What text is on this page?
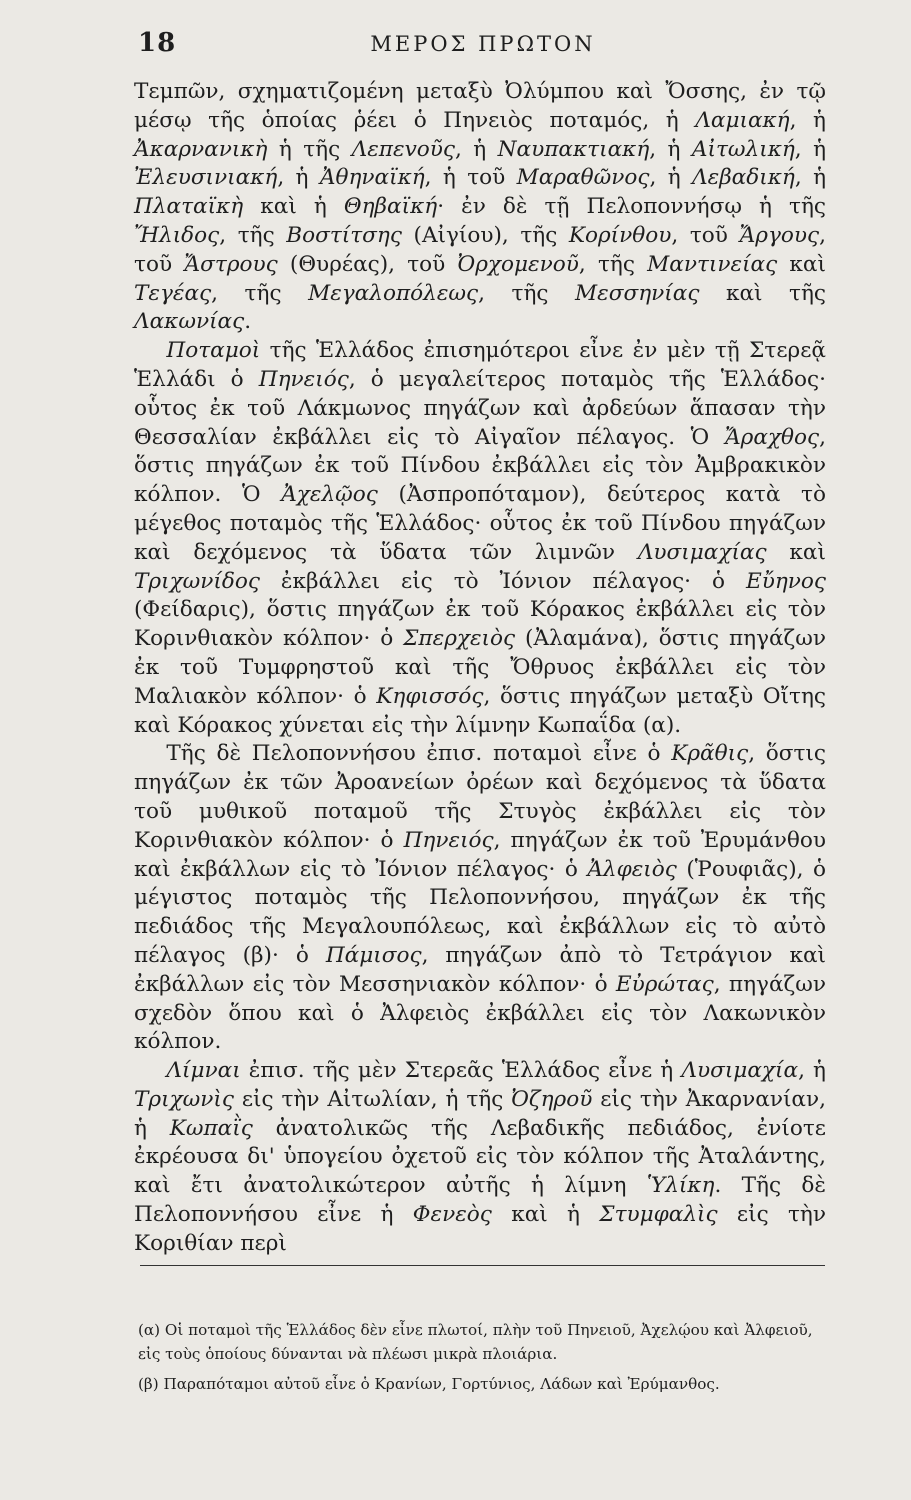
18	ΜΕΡΟΣ ΠΡΩΤΟΝ

Τεμπῶν, σχηματιζομένη μεταξὺ Ὀλύμπου καὶ Ὄσσης, ἐν τῷ μέσῳ τῆς ὁποίας ῥέει ὁ Πηνειὸς ποταμός, ἡ Λαμιακή, ἡ Ἀκαρνανικὴ ἡ τῆς Λεπεvοῦς, ἡ Ναυπακτιακή, ἡ Αἰτωλική, ἡ Ἐλευσινιακή, ἡ Ἀθηναϊκή, ἡ τοῦ Μαραθῶνος, ἡ Λεβαδική, ἡ Πλαταϊκὴ καὶ ἡ Θηβαϊκή· ἐν δὲ τῇ Πελοποννήσῳ ἡ τῆς Ἤλιδος, τῆς Βοστίτσης (Αἰγίου), τῆς Κορίνθου, τοῦ Ἄργους, τοῦ Ἄστρους (Θυρέας), τοῦ Ὀρχομενοῦ, τῆς Μαντινείας καὶ Τεγέας, τῆς Μεγαλοπόλεως, τῆς Μεσσηνίας καὶ τῆς Λακωνίας.

Ποταμοὶ τῆς Ἑλλάδος ἐπισημότεροι εἶνε ἐν μὲν τῇ Στερεᾷ Ἑλλάδι ὁ Πηνειός, ὁ μεγαλείτερος ποταμὸς τῆς Ἑλλάδος· οὗτος ἐκ τοῦ Λάκμωνος πηγάζων καὶ ἀρδεύων ἅπασαν τὴν Θεσσαλίαν ἐκβάλλει εἰς τὸ Αἰγαῖον πέλαγος. Ὁ Ἄραχθος, ὅστις πηγάζων ἐκ τοῦ Πίνδου ἐκβάλλει εἰς τὸν Ἀμβρακικὸν κόλπον. Ὁ Ἀχελῷος (Ἀσπροπόταμον), δεύτερος κατὰ τὸ μέγεθος ποταμὸς τῆς Ἑλλάδος· οὗτος ἐκ τοῦ Πίνδου πηγάζων καὶ δεχόμενος τὰ ὕδατα τῶν λιμνῶν Λυσιμαχίας καὶ Τριχωνίδος ἐκβάλλει εἰς τὸ Ἰόνιον πέλαγος· ὁ Εὔηνος (Φείδαρις), ὅστις πηγάζων ἐκ τοῦ Κόρακος ἐκβάλλει εἰς τὸν Κορινθιακὸν κόλπον· ὁ Σπερχειὸς (Ἀλαμάνα), ὅστις πηγάζων ἐκ τοῦ Τυμφρηστοῦ καὶ τῆς Ὄθρυος ἐκβάλλει εἰς τὸν Μαλιακὸν κόλπον· ὁ Κηφισσός, ὅστις πηγάζων μεταξὺ Οἴτης καὶ Κόρακος χύνεται εἰς τὴν λίμνην Κωπαΐδα (α).

Τῆς δὲ Πελοποννήσου ἐπισ. ποταμοὶ εἶνε ὁ Κρᾶθις, ὅστις πηγάζων ἐκ τῶν Ἀροανείων ὀρέων καὶ δεχόμενος τὰ ὕδατα τοῦ μυθικοῦ ποταμοῦ τῆς Στυγὸς ἐκβάλλει εἰς τὸν Κορινθιακὸν κόλπον· ὁ Πηνειός, πηγάζων ἐκ τοῦ Ἐρυμάνθου καὶ ἐκβάλλων εἰς τὸ Ἰόνιον πέλαγος· ὁ Ἀλφειὸς (Ῥουφιᾶς), ὁ μέγιστος ποταμὸς τῆς Πελοποννήσου, πηγάζων ἐκ τῆς πεδιάδος τῆς Μεγαλουπόλεως, καὶ ἐκβάλλων εἰς τὸ αὐτὸ πέλαγος (β)· ὁ Πάμισος, πηγάζων ἀπὸ τὸ Τετράγιον καὶ ἐκβάλλων εἰς τὸν Μεσσηνιακὸν κόλπον· ὁ Εὐρώτας, πηγάζων σχεδὸν ὅπου καὶ ὁ Ἀλφειὸς ἐκβάλλει εἰς τὸν Λακωνικὸν κόλπον.

Λίμναι ἐπισ. τῆς μὲν Στερεᾶς Ἑλλάδος εἶνε ἡ Λυσιμαχία, ἡ Τριχωνὶς εἰς τὴν Αἰτωλίαν, ἡ τῆς Ὀζηροῦ εἰς τὴν Ἀκαρνανίαν, ἡ Κωπαῒς ἀνατολικῶς τῆς Λεβαδικῆς πεδιάδος, ἐνίοτε ἐκρέουσα δι' ὑπογείου ὀχετοῦ εἰς τὸν κόλπον τῆς Ἀταλάντης, καὶ ἔτι ἀνατολικώτερον αὐτῆς ἡ λίμνη Ὑλίκη. Τῆς δὲ Πελοποννήσου εἶνε ἡ Φενεὸς καὶ ἡ Στυμφαλὶς εἰς τὴν Κοριθίαν περὶ

(α) Οἱ ποταμοὶ τῆς Ἑλλάδος δὲν εἶνε πλωτοί, πλὴν τοῦ Πηνειοῦ, Ἀχελῴου καὶ Ἀλφειοῦ, εἰς τοὺς ὁποίους δύνανται νὰ πλέωσι μικρὰ πλοιάρια.

(β) Παραπόταμοι αὐτοῦ εἶνε ὁ Κρανίων, Γορτύνιος, Λάδων καὶ Ἐρύμανθος.
